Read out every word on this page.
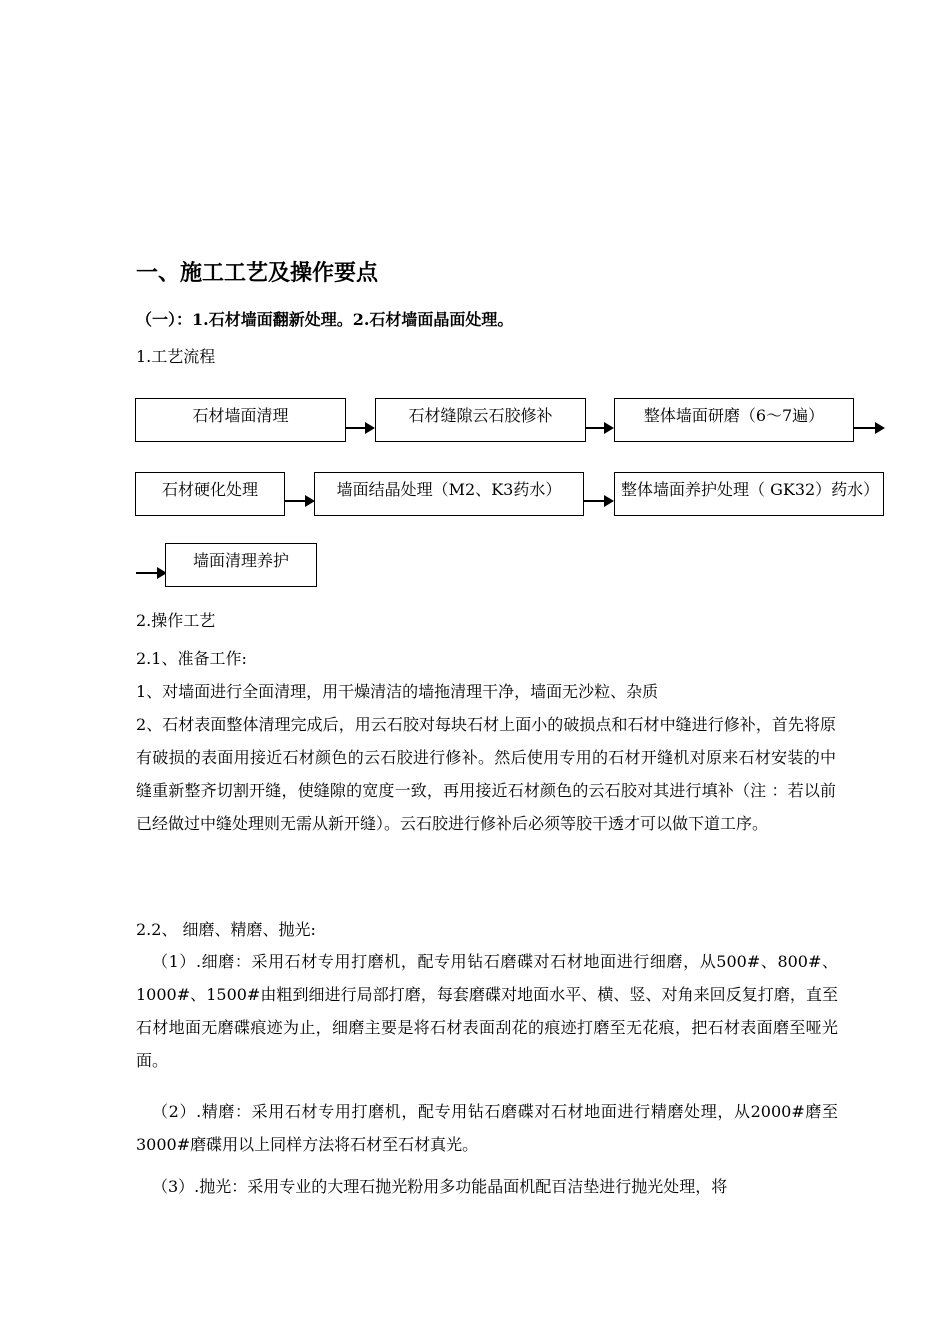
一、施工工艺及操作要点
（一）：1.石材墙面翻新处理。2.石材墙面晶面处理。
1.工艺流程
石材墙面清理	石材缝隙云石胶修补	整体墙面研磨（6～7遍）
石材硬化处理	墙面结晶处理（M2、K3药水）	整体墙面养护处理（ GK32）药水）
墙面清理养护
2.操作工艺
2.1、准备工作:
1、对墙面进行全面清理，用干燥清洁的墙拖清理干净，墙面无沙粒、杂质
2、石材表面整体清理完成后，用云石胶对每块石材上面小的破损点和石材中缝进行修补，首先将原有破损的表面用接近石材颜色的云石胶进行修补。然后使用专用的石材开缝机对原来石材安装的中缝重新整齐切割开缝，使缝隙的宽度一致，再用接近石材颜色的云石胶对其进行填补（注 ：若以前已经做过中缝处理则无需从新开缝）。云石胶进行修补后必须等胶干透才可以做下道工序。
2.2、 细磨、精磨、抛光:
（1）.细磨：采用石材专用打磨机，配专用钻石磨碟对石材地面进行细磨，从500#、800#、1000#、1500#由粗到细进行局部打磨，每套磨碟对地面水平、横、竖、对角来回反复打磨，直至石材地面无磨碟痕迹为止，细磨主要是将石材表面刮花的痕迹打磨至无花痕，把石材表面磨至哑光面。
（2）.精磨：采用石材专用打磨机，配专用钻石磨碟对石材地面进行精磨处理，从2000#磨至3000#磨碟用以上同样方法将石材至石材真光。
（3）.抛光：采用专业的大理石抛光粉用多功能晶面机配百洁垫进行抛光处理，将
